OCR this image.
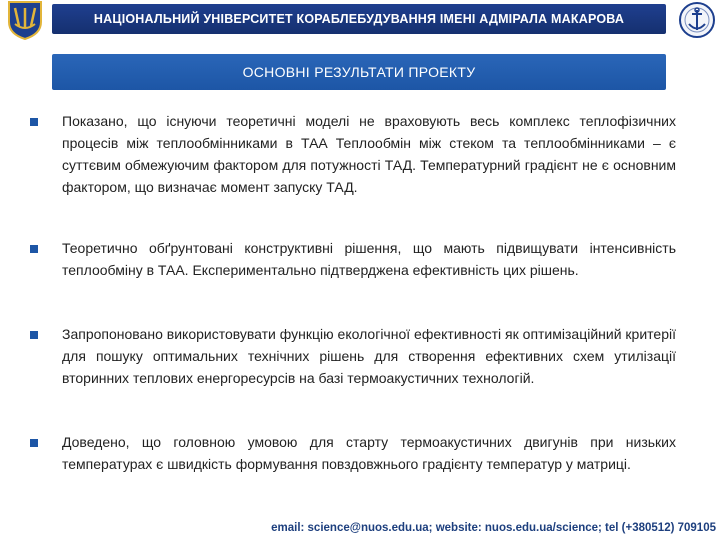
НАЦІОНАЛЬНИЙ УНІВЕРСИТЕТ КОРАБЛЕБУДУВАННЯ ІМЕНІ АДМІРАЛА МАКАРОВА
ОСНОВНІ РЕЗУЛЬТАТИ ПРОЕКТУ
Показано, що існуючи теоретичні моделі не враховують весь комплекс теплофізичних процесів між теплообмінниками в ТАА Теплообмін між стеком та теплообмінниками – є суттєвим обмежуючим фактором для потужності ТАД. Температурний градієнт не є основним фактором, що визначає момент запуску ТАД.
Теоретично обґрунтовані конструктивні рішення, що мають підвищувати інтенсивність теплообміну в ТАА. Експериментально підтверджена ефективність цих рішень.
Запропоновано використовувати функцію екологічної ефективності як оптимізаційний критерії для пошуку оптимальних технічних рішень для створення ефективних схем утилізації вторинних теплових енергоресурсів на базі термоакустичних технологій.
Доведено, що головною умовою для старту термоакустичних двигунів при низьких температурах є швидкість формування повздовжнього градієнту температур у матриці.
email: science@nuos.edu.ua; website: nuos.edu.ua/science; tel (+380512) 709105
